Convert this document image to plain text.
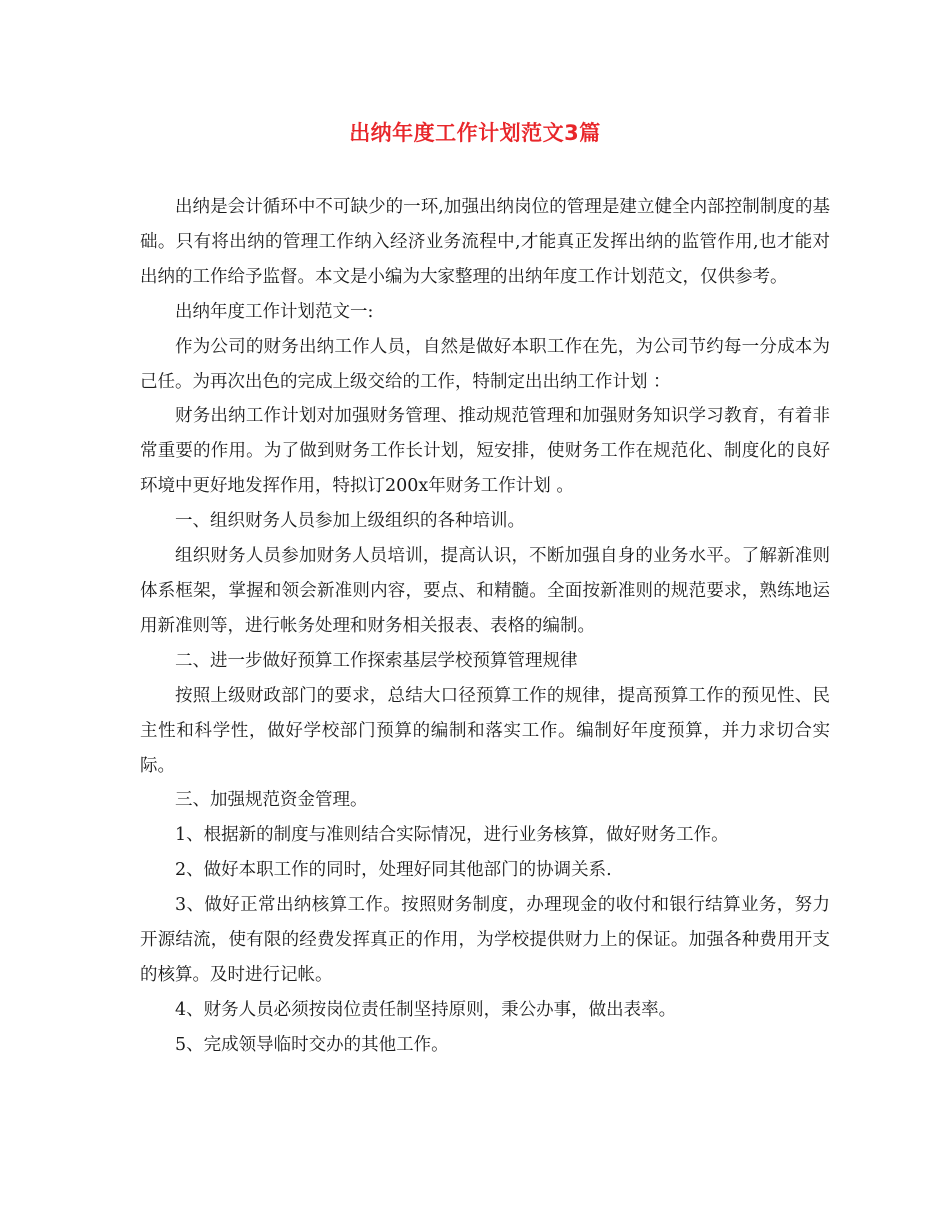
出纳年度工作计划范文3篇

出纳是会计循环中不可缺少的一环,加强出纳岗位的管理是建立健全内部控制制度的基础。只有将出纳的管理工作纳入经济业务流程中,才能真正发挥出纳的监管作用,也才能对出纳的工作给予监督。本文是小编为大家整理的出纳年度工作计划范文，仅供参考。

出纳年度工作计划范文一:

作为公司的财务出纳工作人员，自然是做好本职工作在先，为公司节约每一分成本为己任。为再次出色的完成上级交给的工作，特制定出出纳工作计划 ：

财务出纳工作计划对加强财务管理、推动规范管理和加强财务知识学习教育，有着非常重要的作用。为了做到财务工作长计划，短安排，使财务工作在规范化、制度化的良好环境中更好地发挥作用，特拟订200x年财务工作计划 。

一、组织财务人员参加上级组织的各种培训。

组织财务人员参加财务人员培训，提高认识，不断加强自身的业务水平。了解新准则体系框架，掌握和领会新准则内容，要点、和精髓。全面按新准则的规范要求，熟练地运用新准则等，进行帐务处理和财务相关报表、表格的编制。

二、进一步做好预算工作探索基层学校预算管理规律

按照上级财政部门的要求，总结大口径预算工作的规律，提高预算工作的预见性、民主性和科学性，做好学校部门预算的编制和落实工作。编制好年度预算，并力求切合实际。

三、加强规范资金管理。

1、根据新的制度与准则结合实际情况，进行业务核算，做好财务工作。

2、做好本职工作的同时，处理好同其他部门的协调关系.

3、做好正常出纳核算工作。按照财务制度，办理现金的收付和银行结算业务，努力开源结流，使有限的经费发挥真正的作用，为学校提供财力上的保证。加强各种费用开支的核算。及时进行记帐。

4、财务人员必须按岗位责任制坚持原则，秉公办事，做出表率。

5、完成领导临时交办的其他工作。
